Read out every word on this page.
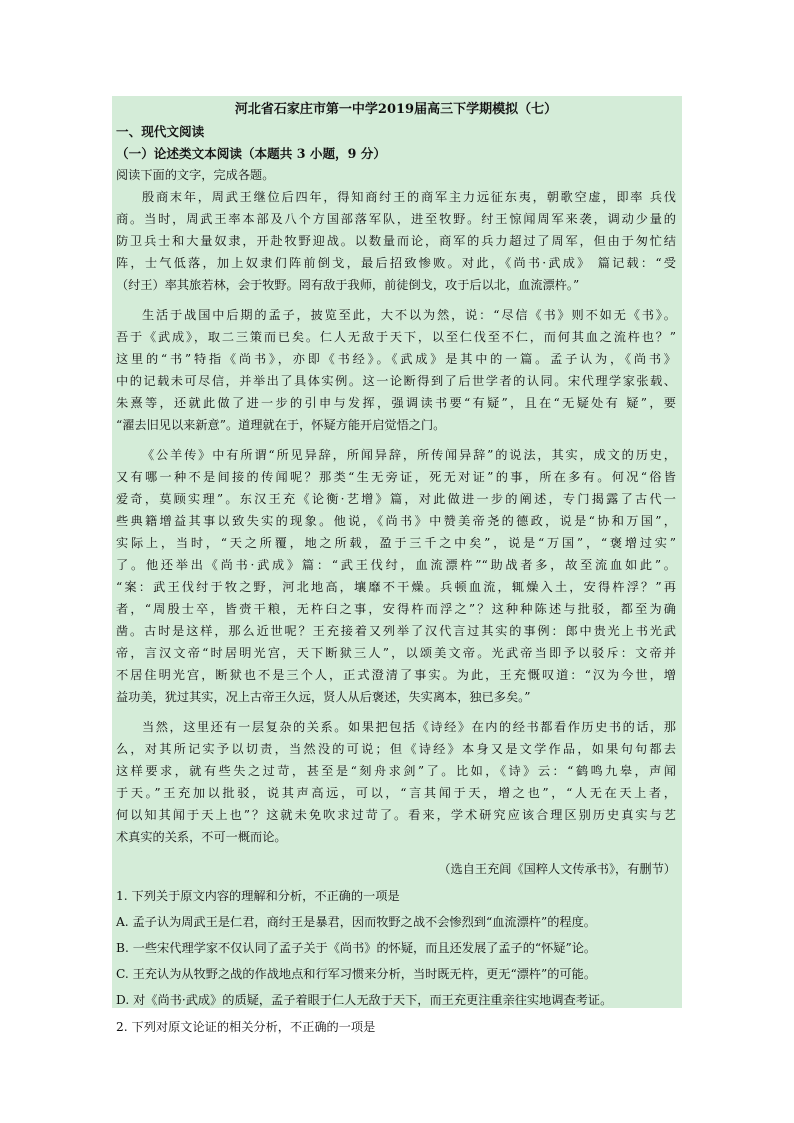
河北省石家庄市第一中学2019届高三下学期模拟（七）
一、现代文阅读
（一）论述类文本阅读（本题共 3 小题，9 分）
阅读下面的文字，完成各题。
殷商末年，周武王继位后四年，得知商纣王的商军主力远征东夷，朝歌空虚，即率 兵伐
商。当时，周武王率本部及八个方国部落军队，进至牧野。纣王惊闻周军来袭，调动少量的
防卫兵士和大量奴隶，开赴牧野迎战。以数量而论，商军的兵力超过了周军，但由于匆忙结
阵，士气低落，加上奴隶们阵前倒戈，最后招致惨败。对此，《尚书·武成》 篇记载：“受
（纣王）率其旅若林，会于牧野。罔有敌于我师，前徒倒戈，攻于后以北，血流漂杵。”
生活于战国中后期的孟子，披览至此，大不以为然，说：“尽信《书》则不如无《书》。
吾于《武成》，取二三策而已矣。仁人无敌于天下，以至仁伐至不仁，而何其血之流杵也？”
这里的“书”特指《尚书》，亦即《书经》。《武成》是其中的一篇。孟子认为，《尚书》
中的记载未可尽信，并举出了具体实例。这一论断得到了后世学者的认同。宋代理学家张载、
朱熹等，还就此做了进一步的引申与发挥，强调读书要“有疑”，且在“无疑处有 疑”，要
“濯去旧见以来新意”。道理就在于，怀疑方能开启觉悟之门。
《公羊传》中有所谓“所见异辞，所闻异辞，所传闻异辞”的说法，其实，成文的历史，
又有哪一种不是间接的传闻呢？那类“生无旁证，死无对证”的事，所在多有。何况“俗皆
爱奇，莫顾实理”。东汉王充《论衡·艺增》篇，对此做进一步的阐述，专门揭露了古代一
些典籍增益其事以致失实的现象。他说，《尚书》中赞美帝尧的德政，说是“协和万国”，
实际上，当时，“天之所覆，地之所载，盈于三千之中矣”，说是“万国”，“褒增过实”
了。他还举出《尚书·武成》篇：“武王伐纣，血流漂杵”“助战者多，故至流血如此”。
“案：武王伐纣于牧之野，河北地高，壤靡不干燥。兵顿血流，辄燥入土，安得杵浮？”再
者，“周殷士卒，皆赍干粮，无杵臼之事，安得杵而浮之”？这种种陈述与批驳，都至为确
凿。古时是这样，那么近世呢？王充接着又列举了汉代言过其实的事例：郎中贵光上书光武
帝，言汉文帝“时居明光宫，天下断狱三人”，以颂美文帝。光武帝当即予以驳斥：文帝并
不居住明光宫，断狱也不是三个人，正式澄清了事实。为此，王充慨叹道：“汉为今世，增
益功美，犹过其实，况上古帝王久远，贤人从后褒述，失实离本，独已多矣。”
当然，这里还有一层复杂的关系。如果把包括《诗经》在内的经书都看作历史书的话，那
么，对其所记实予以切责，当然没的可说；但《诗经》本身又是文学作品，如果句句都去
这样要求，就有些失之过苛，甚至是“刻舟求剑”了。比如，《诗》云：“鹤鸣九皋，声闻
于天。”王充加以批驳，说其声高远，可以，“言其闻于天，增之也”，“人无在天上者，
何以知其闻于天上也”？这就未免吹求过苛了。看来，学术研究应该合理区别历史真实与艺
术真实的关系，不可一概而论。
（选自王充闾《国粹人文传承书》，有删节）
1. 下列关于原文内容的理解和分析，不正确的一项是
A. 孟子认为周武王是仁君，商纣王是暴君，因而牧野之战不会惨烈到“血流漂杵”的程度。
B. 一些宋代理学家不仅认同了孟子关于《尚书》的怀疑，而且还发展了孟子的“怀疑”论。
C. 王充认为从牧野之战的作战地点和行军习惯来分析，当时既无杵，更无“漂杵”的可能。
D. 对《尚书·武成》的质疑，孟子着眼于仁人无敌于天下，而王充更注重亲往实地调查考证。
2. 下列对原文论证的相关分析，不正确的一项是
